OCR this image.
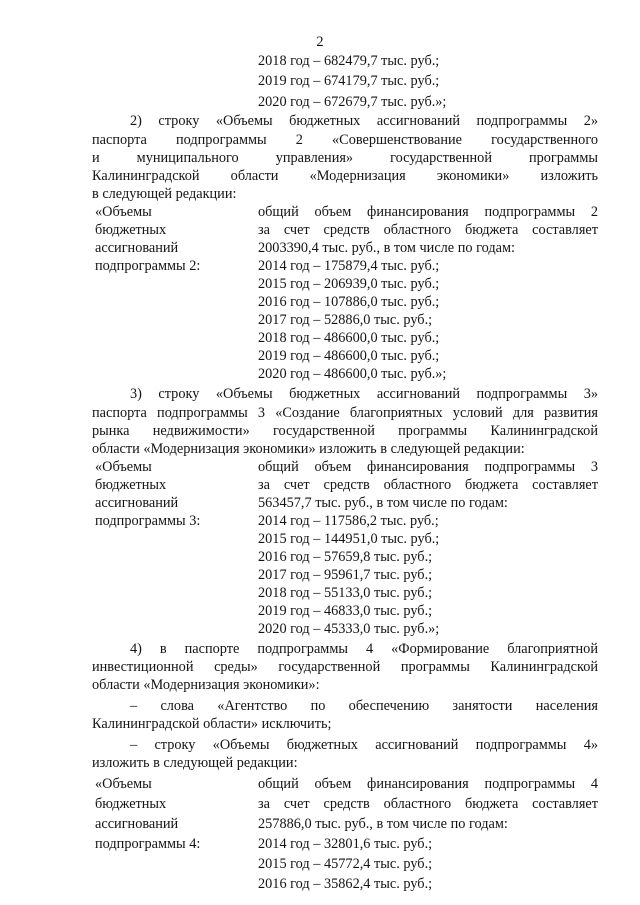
2
2018 год – 682479,7 тыс. руб.;
2019 год – 674179,7 тыс. руб.;
2020 год – 672679,7 тыс. руб.»;
2) строку «Объемы бюджетных ассигнований подпрограммы 2»
паспорта подпрограммы 2 «Совершенствование государственного
и муниципального управления» государственной программы
Калининградской области «Модернизация экономики» изложить
в следующей редакции:
«Объемы
бюджетных
ассигнований
подпрограммы 2:
общий объем финансирования подпрограммы 2
за счет средств областного бюджета составляет
2003390,4 тыс. руб., в том числе по годам:
2014 год – 175879,4 тыс. руб.;
2015 год – 206939,0 тыс. руб.;
2016 год – 107886,0 тыс. руб.;
2017 год – 52886,0 тыс. руб.;
2018 год – 486600,0 тыс. руб.;
2019 год – 486600,0 тыс. руб.;
2020 год – 486600,0 тыс. руб.»;
3) строку «Объемы бюджетных ассигнований подпрограммы 3»
паспорта подпрограммы 3 «Создание благоприятных условий для развития
рынка недвижимости» государственной программы Калининградской
области «Модернизация экономики» изложить в следующей редакции:
«Объемы
бюджетных
ассигнований
подпрограммы 3:
общий объем финансирования подпрограммы 3
за счет средств областного бюджета составляет
563457,7 тыс. руб., в том числе по годам:
2014 год – 117586,2 тыс. руб.;
2015 год – 144951,0 тыс. руб.;
2016 год – 57659,8 тыс. руб.;
2017 год – 95961,7 тыс. руб.;
2018 год – 55133,0 тыс. руб.;
2019 год – 46833,0 тыс. руб.;
2020 год – 45333,0 тыс. руб.»;
4) в паспорте подпрограммы 4 «Формирование благоприятной
инвестиционной среды» государственной программы Калининградской
области «Модернизация экономики»:
– слова «Агентство по обеспечению занятости населения
Калининградской области» исключить;
– строку «Объемы бюджетных ассигнований подпрограммы 4»
изложить в следующей редакции:
«Объемы
бюджетных
ассигнований
подпрограммы 4:
общий объем финансирования подпрограммы 4
за счет средств областного бюджета составляет
257886,0 тыс. руб., в том числе по годам:
2014 год – 32801,6 тыс. руб.;
2015 год – 45772,4 тыс. руб.;
2016 год – 35862,4 тыс. руб.;
